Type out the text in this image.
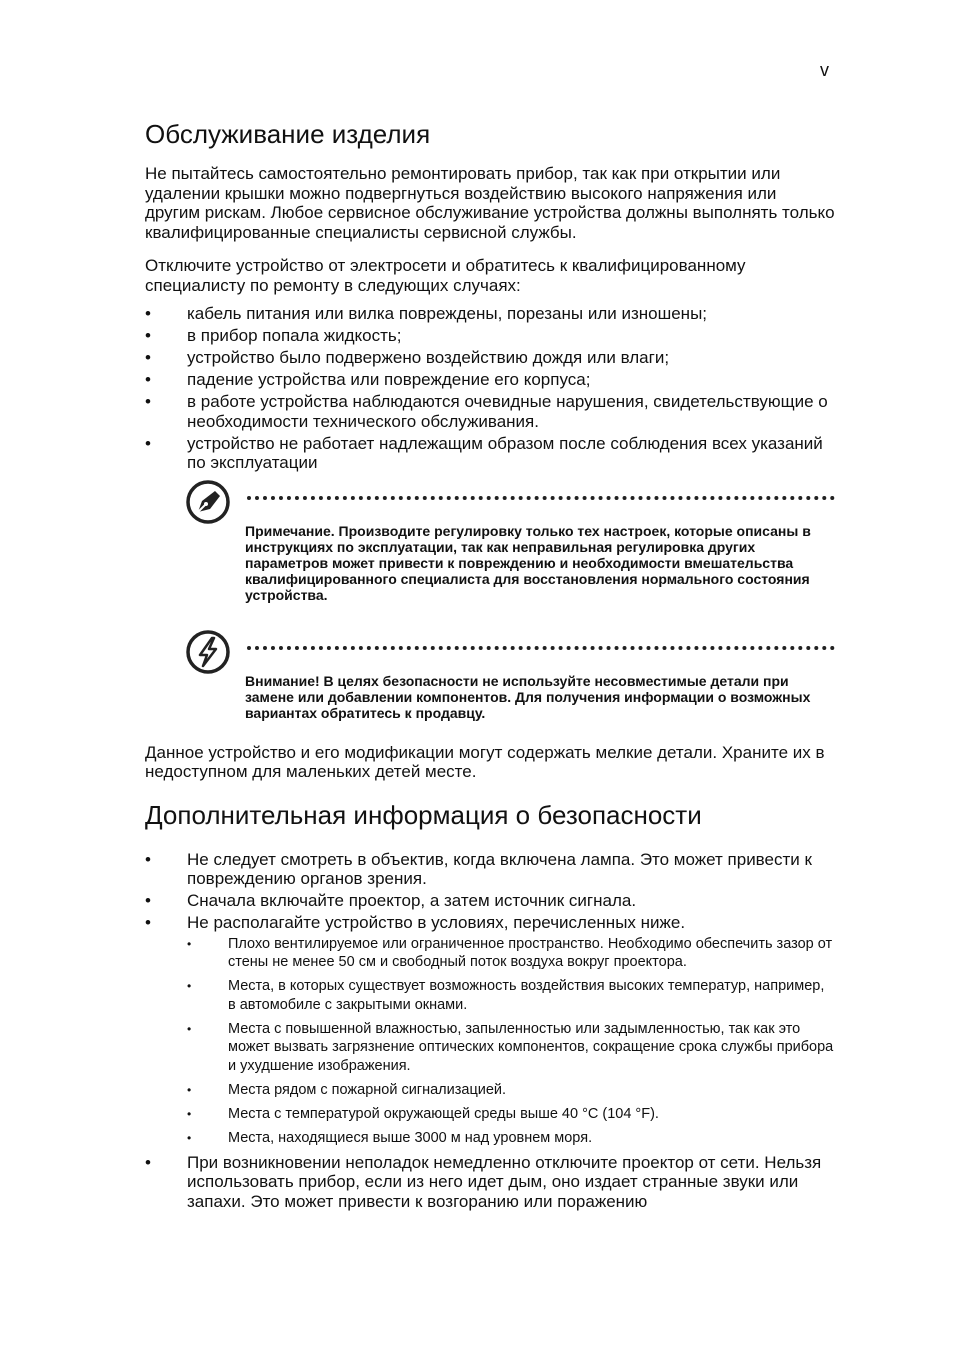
v
Обслуживание изделия

Не пытайтесь самостоятельно ремонтировать прибор, так как при открытии или удалении крышки можно подвергнуться воздействию высокого напряжения или другим рискам. Любое сервисное обслуживание устройства должны выполнять только квалифицированные специалисты сервисной службы.

Отключите устройство от электросети и обратитесь к квалифицированному специалисту по ремонту в следующих случаях:

• кабель питания или вилка повреждены, порезаны или изношены;
• в прибор попала жидкость;
• устройство было подвержено воздействию дождя или влаги;
• падение устройства или повреждение его корпуса;
• в работе устройства наблюдаются очевидные нарушения, свидетельствующие о необходимости технического обслуживания.
• устройство не работает надлежащим образом после соблюдения всех указаний по эксплуатации
Примечание. Производите регулировку только тех настроек, которые описаны в инструкциях по эксплуатации, так как неправильная регулировка других параметров может привести к повреждению и необходимости вмешательства квалифицированного специалиста для восстановления нормального состояния устройства.
Внимание! В целях безопасности не используйте несовместимые детали при замене или добавлении компонентов. Для получения информации о возможных вариантах обратитесь к продавцу.

Данное устройство и его модификации могут содержать мелкие детали. Храните их в недоступном для маленьких детей месте.

Дополнительная информация о безопасности
• Не следует смотреть в объектив, когда включена лампа. Это может привести к повреждению органов зрения.
• Сначала включайте проектор, а затем источник сигнала.
• Не располагайте устройство в условиях, перечисленных ниже.
•	Плохо вентилируемое или ограниченное пространство. Необходимо обеспечить зазор от стены не менее 50 см и свободный поток воздуха вокруг проектора.
•	Места, в которых существует возможность воздействия высоких температур, например, в автомобиле с закрытыми окнами.
•	Места с повышенной влажностью, запыленностью или задымленностью, так как это может вызвать загрязнение оптических компонентов, сокращение срока службы прибора и ухудшение изображения.
•	Места рядом с пожарной сигнализацией.
•	Места с температурой окружающей среды выше 40 °C (104 °F).
•	Места, находящиеся выше 3000 м над уровнем моря.
• При возникновении неполадок немедленно отключите проектор от сети. Нельзя использовать прибор, если из него идет дым, оно издает странные звуки или запахи. Это может привести к возгоранию или поражению
